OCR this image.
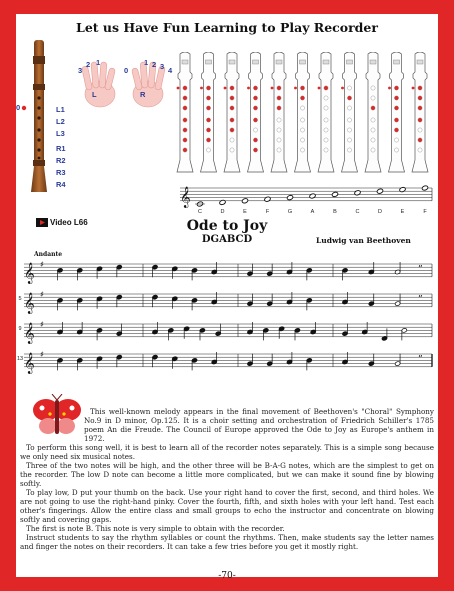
Let us Have Fun Learning to Play Recorder
0	L1
L2
L3
R1
R2
R3
R4
3
2 1
0
L
1 2 3 4
R
𝄞
C	D	E	F	G	A	B	C	D	E	F
Video L66	Ode to Joy
DGABCD	Ludwig van Beethoven
Andante
𝄞 ♯
”
𝄞 ♯
”
𝄞 ♯
𝄞 ♯
”
5
9
13
This well-known melody appears in the final movement of Beethoven's "Choral" Symphony No.9 in D minor, Op.125. It is a choir setting and orchestration of Friedrich Schiller's 1785 poem An die Freude. The Council of Europe approved the Ode to Joy as Europe's anthem in 1972.
To perform this song well, it is best to learn all of the recorder notes separately. This is a simple song because we only need six musical notes.
Three of the two notes will be high, and the other three will be B-A-G notes, which are the simplest to get on the recorder. The low D note can become a little more complicated, but we can make it sound fine by blowing softly.
To play low, D put your thumb on the back. Use your right hand to cover the first, second, and third holes. We are not going to use the right-hand pinky. Cover the fourth, fifth, and sixth holes with your left hand. Test each other's fingerings. Allow the entire class and small groups to echo the instructor and concentrate on blowing softly and covering gaps.
The first is note B. This note is very simple to obtain with the recorder.
Instruct students to say the rhythm syllables or count the rhythms. Then, make students say the letter names and finger the notes on their recorders. It can take a few tries before you get it mostly right.
-70-
